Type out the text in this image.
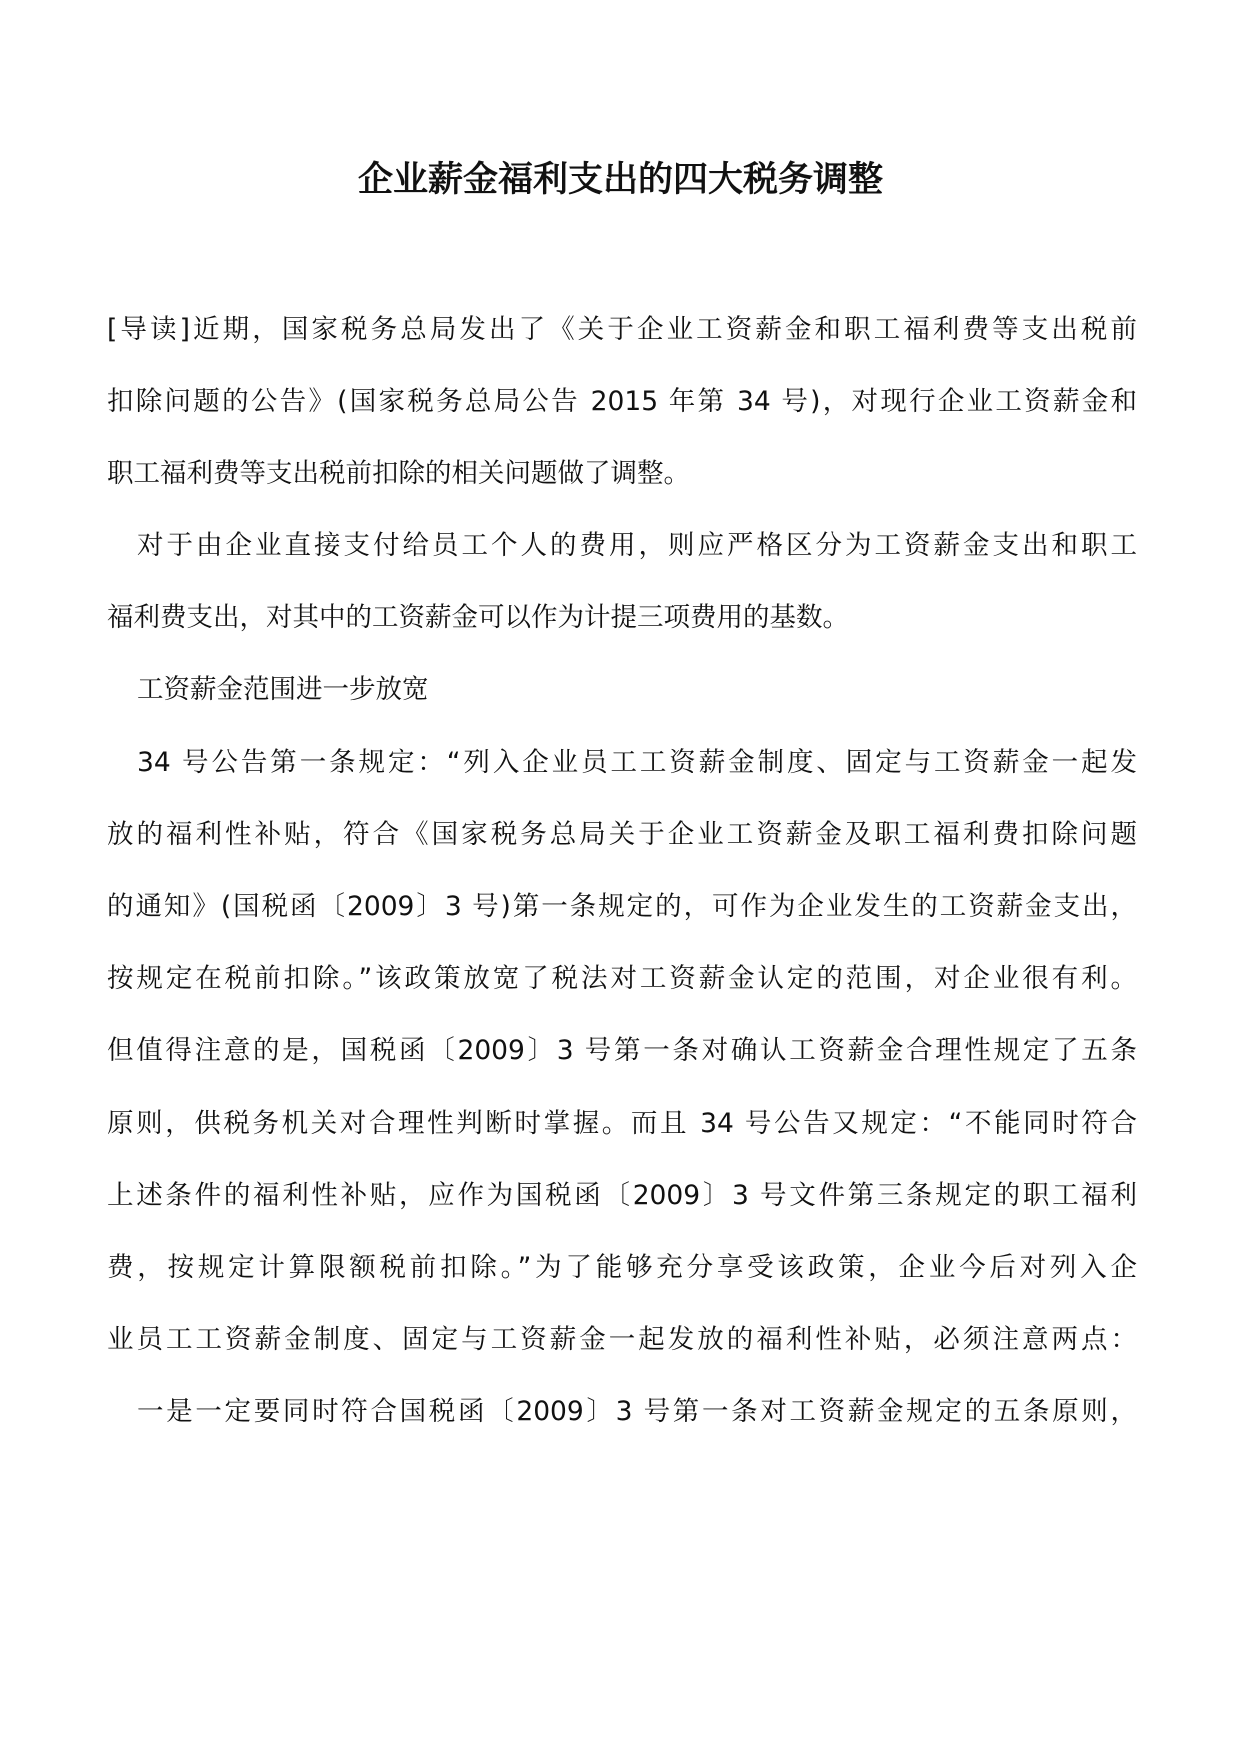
企业薪金福利支出的四大税务调整

[导读]近期，国家税务总局发出了《关于企业工资薪金和职工福利费等支出税前

扣除问题的公告》(国家税务总局公告 2015 年第 34 号)，对现行企业工资薪金和

职工福利费等支出税前扣除的相关问题做了调整。

对于由企业直接支付给员工个人的费用，则应严格区分为工资薪金支出和职工

福利费支出，对其中的工资薪金可以作为计提三项费用的基数。

工资薪金范围进一步放宽

34 号公告第一条规定：“列入企业员工工资薪金制度、固定与工资薪金一起发

放的福利性补贴，符合《国家税务总局关于企业工资薪金及职工福利费扣除问题

的通知》(国税函〔2009〕3 号)第一条规定的，可作为企业发生的工资薪金支出，

按规定在税前扣除。”该政策放宽了税法对工资薪金认定的范围，对企业很有利。

但值得注意的是，国税函〔2009〕3 号第一条对确认工资薪金合理性规定了五条

原则，供税务机关对合理性判断时掌握。而且 34 号公告又规定：“不能同时符合

上述条件的福利性补贴，应作为国税函〔2009〕3 号文件第三条规定的职工福利

费，按规定计算限额税前扣除。”为了能够充分享受该政策，企业今后对列入企

业员工工资薪金制度、固定与工资薪金一起发放的福利性补贴，必须注意两点：

一是一定要同时符合国税函〔2009〕3 号第一条对工资薪金规定的五条原则，
